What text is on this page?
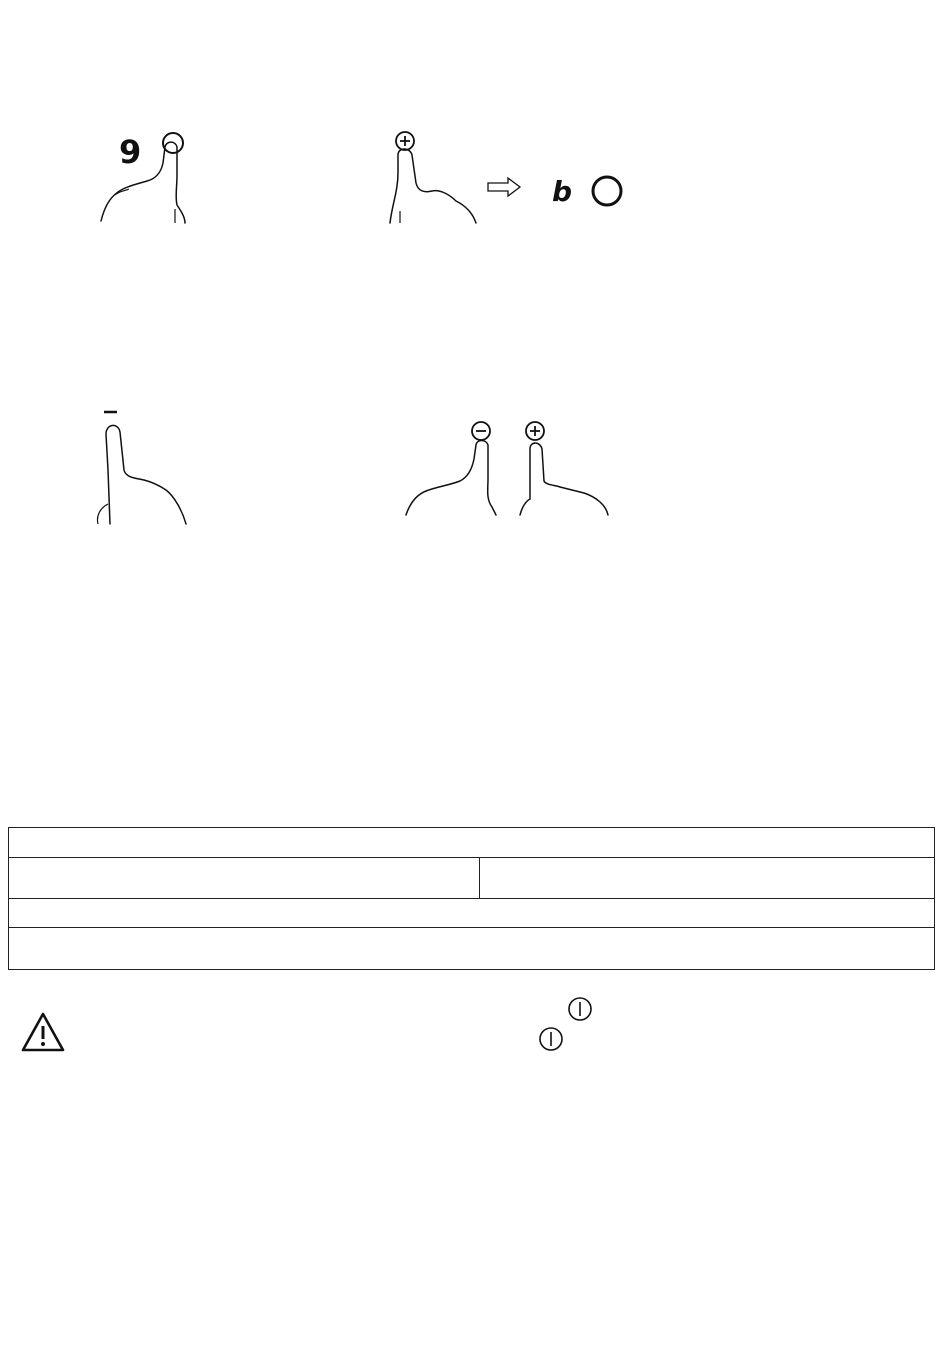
9
b
